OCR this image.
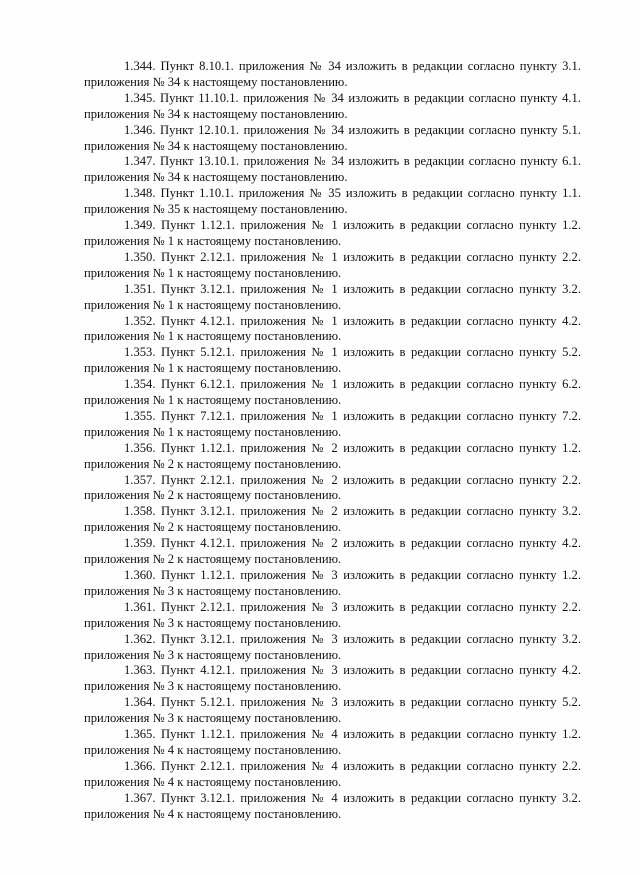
1.344. Пункт 8.10.1. приложения № 34 изложить в редакции согласно пункту 3.1. приложения № 34 к настоящему постановлению.

1.345. Пункт 11.10.1. приложения № 34 изложить в редакции согласно пункту 4.1. приложения № 34 к настоящему постановлению.

1.346. Пункт 12.10.1. приложения № 34 изложить в редакции согласно пункту 5.1. приложения № 34 к настоящему постановлению.

1.347. Пункт 13.10.1. приложения № 34 изложить в редакции согласно пункту 6.1. приложения № 34 к настоящему постановлению.

1.348. Пункт 1.10.1. приложения № 35 изложить в редакции согласно пункту 1.1. приложения № 35 к настоящему постановлению.

1.349. Пункт 1.12.1. приложения № 1 изложить в редакции согласно пункту 1.2. приложения № 1 к настоящему постановлению.

1.350. Пункт 2.12.1. приложения № 1 изложить в редакции согласно пункту 2.2. приложения № 1 к настоящему постановлению.

1.351. Пункт 3.12.1. приложения № 1 изложить в редакции согласно пункту 3.2. приложения № 1 к настоящему постановлению.

1.352. Пункт 4.12.1. приложения № 1 изложить в редакции согласно пункту 4.2. приложения № 1 к настоящему постановлению.

1.353. Пункт 5.12.1. приложения № 1 изложить в редакции согласно пункту 5.2. приложения № 1 к настоящему постановлению.

1.354. Пункт 6.12.1. приложения № 1 изложить в редакции согласно пункту 6.2. приложения № 1 к настоящему постановлению.

1.355. Пункт 7.12.1. приложения № 1 изложить в редакции согласно пункту 7.2. приложения № 1 к настоящему постановлению.

1.356. Пункт 1.12.1. приложения № 2 изложить в редакции согласно пункту 1.2. приложения № 2 к настоящему постановлению.

1.357. Пункт 2.12.1. приложения № 2 изложить в редакции согласно пункту 2.2. приложения № 2 к настоящему постановлению.

1.358. Пункт 3.12.1. приложения № 2 изложить в редакции согласно пункту 3.2. приложения № 2 к настоящему постановлению.

1.359. Пункт 4.12.1. приложения № 2 изложить в редакции согласно пункту 4.2. приложения № 2 к настоящему постановлению.

1.360. Пункт 1.12.1. приложения № 3 изложить в редакции согласно пункту 1.2. приложения № 3 к настоящему постановлению.

1.361. Пункт 2.12.1. приложения № 3 изложить в редакции согласно пункту 2.2. приложения № 3 к настоящему постановлению.

1.362. Пункт 3.12.1. приложения № 3 изложить в редакции согласно пункту 3.2. приложения № 3 к настоящему постановлению.

1.363. Пункт 4.12.1. приложения № 3 изложить в редакции согласно пункту 4.2. приложения № 3 к настоящему постановлению.

1.364. Пункт 5.12.1. приложения № 3 изложить в редакции согласно пункту 5.2. приложения № 3 к настоящему постановлению.

1.365. Пункт 1.12.1. приложения № 4 изложить в редакции согласно пункту 1.2. приложения № 4 к настоящему постановлению.

1.366. Пункт 2.12.1. приложения № 4 изложить в редакции согласно пункту 2.2. приложения № 4 к настоящему постановлению.

1.367. Пункт 3.12.1. приложения № 4 изложить в редакции согласно пункту 3.2. приложения № 4 к настоящему постановлению.
